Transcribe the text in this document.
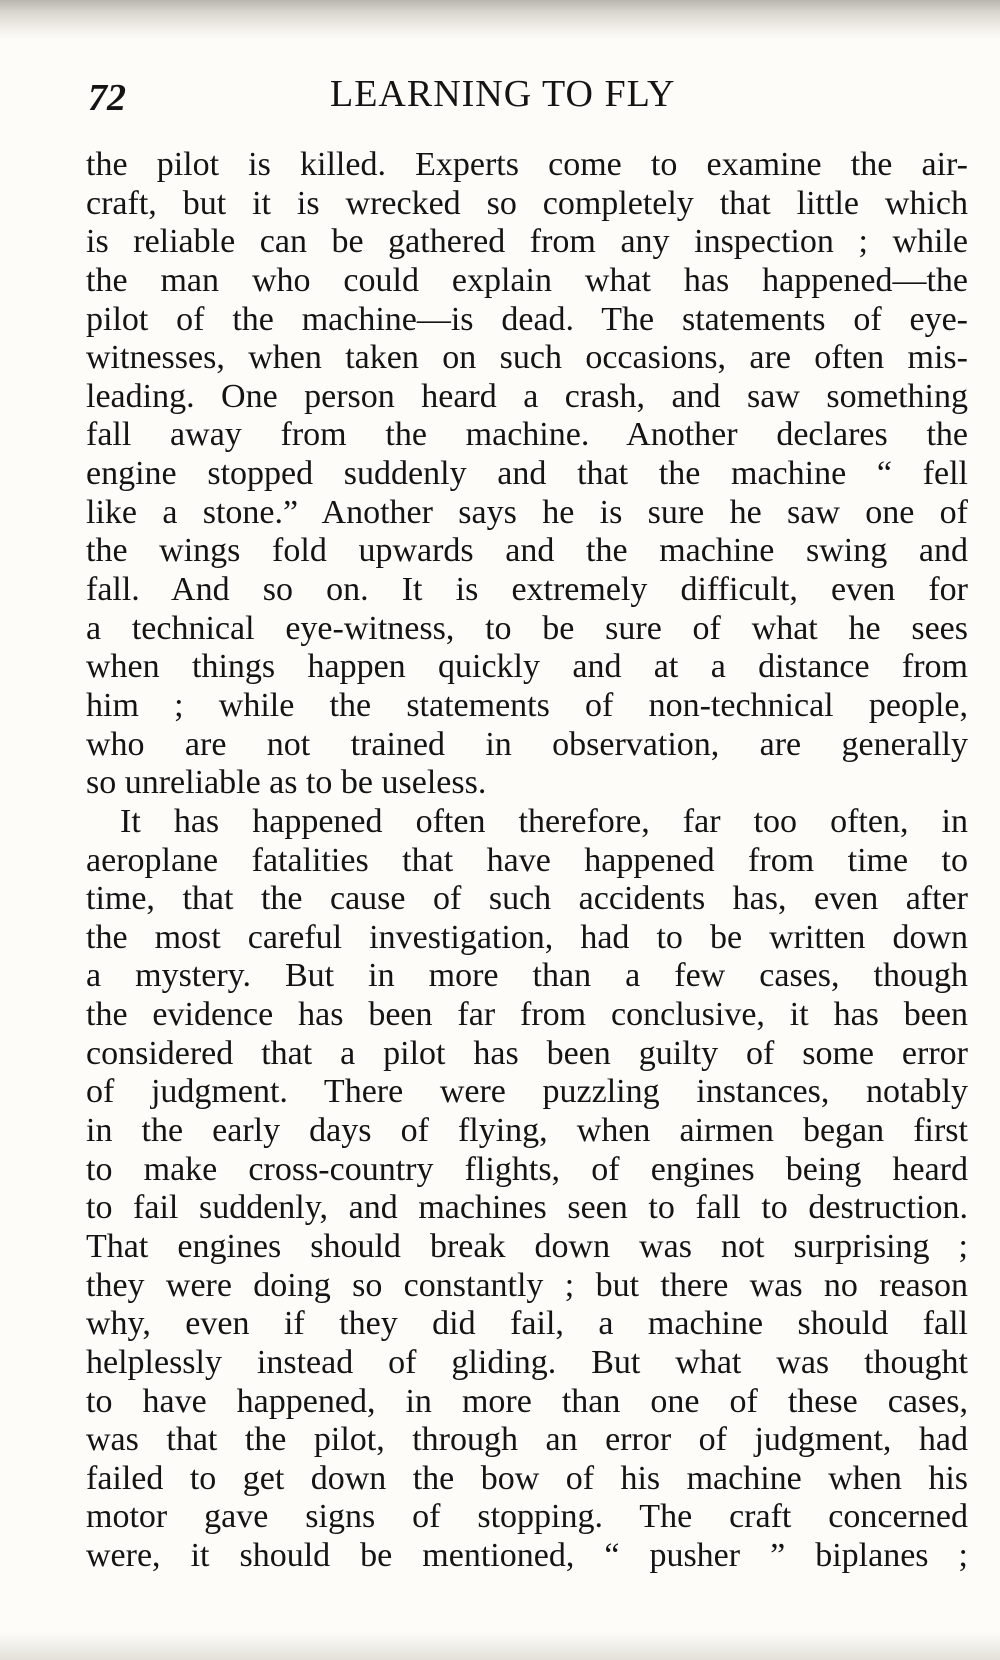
72	LEARNING TO FLY
the pilot is killed. Experts come to examine the air-
craft, but it is wrecked so completely that little which
is reliable can be gathered from any inspection ; while
the man who could explain what has happened—the
pilot of the machine—is dead. The statements of eye-
witnesses, when taken on such occasions, are often mis-
leading. One person heard a crash, and saw something
fall away from the machine. Another declares the
engine stopped suddenly and that the machine “ fell
like a stone.” Another says he is sure he saw one of
the wings fold upwards and the machine swing and
fall. And so on. It is extremely difficult, even for
a technical eye-witness, to be sure of what he sees
when things happen quickly and at a distance from
him ; while the statements of non-technical people,
who are not trained in observation, are generally
so unreliable as to be useless.
It has happened often therefore, far too often, in
aeroplane fatalities that have happened from time to
time, that the cause of such accidents has, even after
the most careful investigation, had to be written down
a mystery. But in more than a few cases, though
the evidence has been far from conclusive, it has been
considered that a pilot has been guilty of some error
of judgment. There were puzzling instances, notably
in the early days of flying, when airmen began first
to make cross-country flights, of engines being heard
to fail suddenly, and machines seen to fall to destruction.
That engines should break down was not surprising ;
they were doing so constantly ; but there was no reason
why, even if they did fail, a machine should fall
helplessly instead of gliding. But what was thought
to have happened, in more than one of these cases,
was that the pilot, through an error of judgment, had
failed to get down the bow of his machine when his
motor gave signs of stopping. The craft concerned
were, it should be mentioned, “ pusher ” biplanes ;
